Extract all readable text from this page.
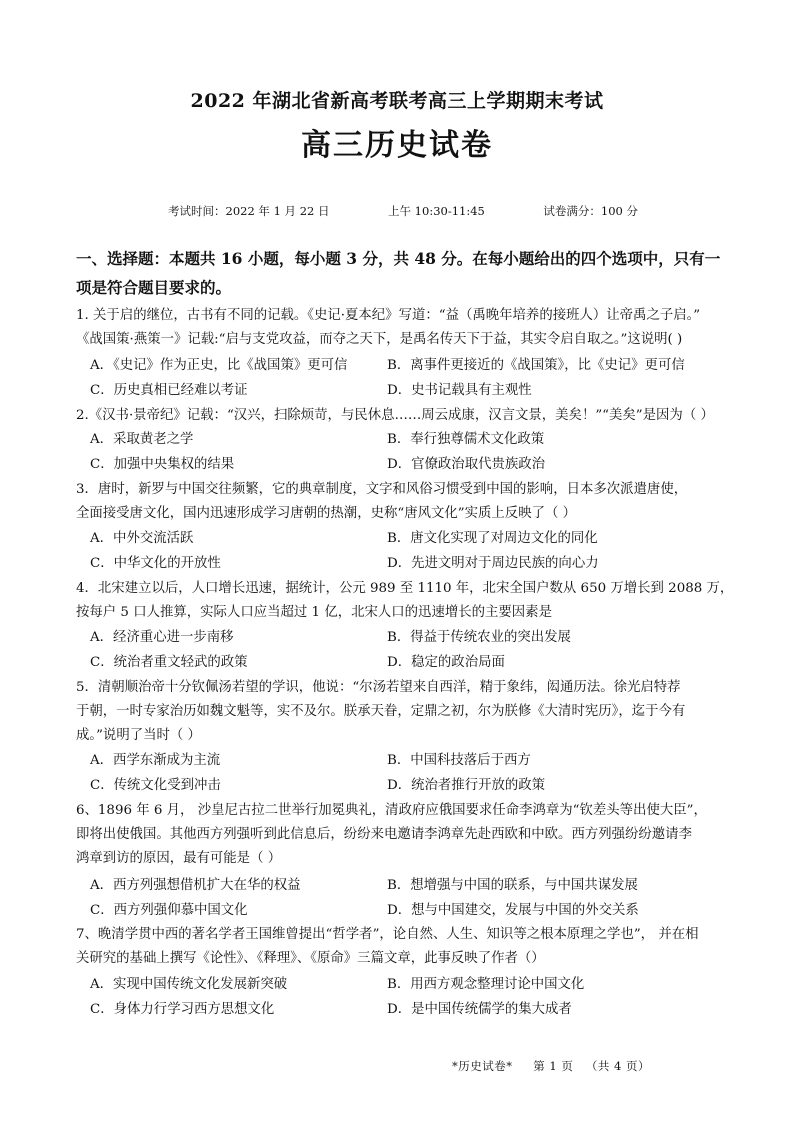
2022 年湖北省新高考联考高三上学期期末考试
高三历史试卷
考试时间：2022 年 1 月 22 日	上午 10:30-11:45	试卷满分：100 分
一、选择题：本题共 16 小题，每小题 3 分，共 48 分。在每小题给出的四个选项中，只有一
项是符合题目要求的。

1. 关于启的继位，古书有不同的记载。《史记·夏本纪》写道：“益（禹晚年培养的接班人）让帝禹之子启。”

《战国策·燕策一》记载:“启与支党攻益，而夺之天下，是禹名传天下于益，其实令启自取之。”这说明( )

A．《史记》作为正史，比《战国策》更可信	B．离事件更接近的《战国策》，比《史记》更可信
C．历史真相已经难以考证	D．史书记载具有主观性

2.《汉书·景帝纪》记载：“汉兴，扫除烦苛，与民休息……周云成康，汉言文景，美矣！”“美矣”是因为（ ）

A．采取黄老之学	B．奉行独尊儒术文化政策
C．加强中央集权的结果	D．官僚政治取代贵族政治

3．唐时，新罗与中国交往频繁，它的典章制度，文字和风俗习惯受到中国的影响，日本多次派遣唐使，

全面接受唐文化，国内迅速形成学习唐朝的热潮，史称“唐风文化”实质上反映了（ ）

A．中外交流活跃	B．唐文化实现了对周边文化的同化
C．中华文化的开放性	D．先进文明对于周边民族的向心力

4．北宋建立以后，人口增长迅速，据统计，公元 989 至 1110 年，北宋全国户数从 650 万增长到 2088 万，

按每户 5 口人推算，实际人口应当超过 1 亿，北宋人口的迅速增长的主要因素是

A．经济重心进一步南移	B．得益于传统农业的突出发展
C．统治者重文轻武的政策	D．稳定的政治局面

5．清朝顺治帝十分钦佩汤若望的学识，他说：“尔汤若望来自西洋，精于象纬，闳通历法。徐光启特荐

于朝，一时专家治历如魏文魁等，实不及尔。朕承天眷，定鼎之初，尔为朕修《大清时宪历》，迄于今有

成。”说明了当时（ ）

A．西学东渐成为主流	B．中国科技落后于西方
C．传统文化受到冲击	D．统治者推行开放的政策

6、1896 年 6 月， 沙皇尼古拉二世举行加冕典礼，清政府应俄国要求任命李鸿章为“钦差头等出使大臣”，

即将出使俄国。其他西方列强听到此信息后，纷纷来电邀请李鸿章先赴西欧和中欧。西方列强纷纷邀请李

鸿章到访的原因，最有可能是（ ）

A．西方列强想借机扩大在华的权益	B．想增强与中国的联系，与中国共谋发展
C．西方列强仰慕中国文化	D．想与中国建交，发展与中国的外交关系

7、晚清学贯中西的著名学者王国维曾提出“哲学者”，论自然、人生、知识等之根本原理之学也”， 并在相

关研究的基础上撰写《论性》、《释理》、《原命》三篇文章，此事反映了作者（）

A．实现中国传统文化发展新突破	B．用西方观念整理讨论中国文化
C．身体力行学习西方思想文化	D．是中国传统儒学的集大成者
*历史试卷* 第 1 页 （共 4 页）
